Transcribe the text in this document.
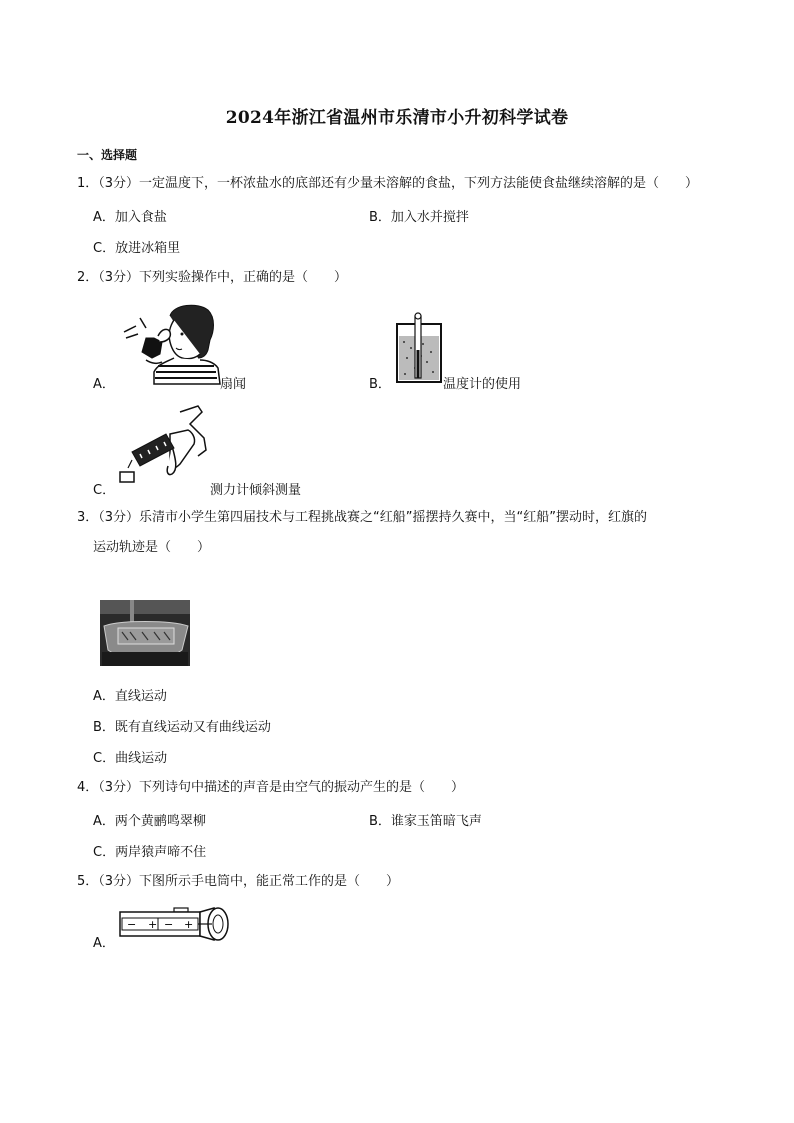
2024年浙江省温州市乐清市小升初科学试卷
一、选择题
1．（3分）一定温度下，一杯浓盐水的底部还有少量未溶解的食盐，下列方法能使食盐继续溶解的是（　　）
A．加入食盐	B．加入水并搅拌
C．放进冰箱里
2．（3分）下列实验操作中，正确的是（　　）
A．	扇闻	B．	温度计的使用
C．	测力计倾斜测量
3．（3分）乐清市小学生第四届技术与工程挑战赛之“红船”摇摆持久赛中，当“红船”摆动时，红旗的
运动轨迹是（　　）
A．直线运动
B．既有直线运动又有曲线运动
C．曲线运动
4．（3分）下列诗句中描述的声音是由空气的振动产生的是（　　）
A．两个黄鹂鸣翠柳	B．谁家玉笛暗飞声
C．两岸猿声啼不住
5．（3分）下图所示手电筒中，能正常工作的是（　　）
A．
− + − +
